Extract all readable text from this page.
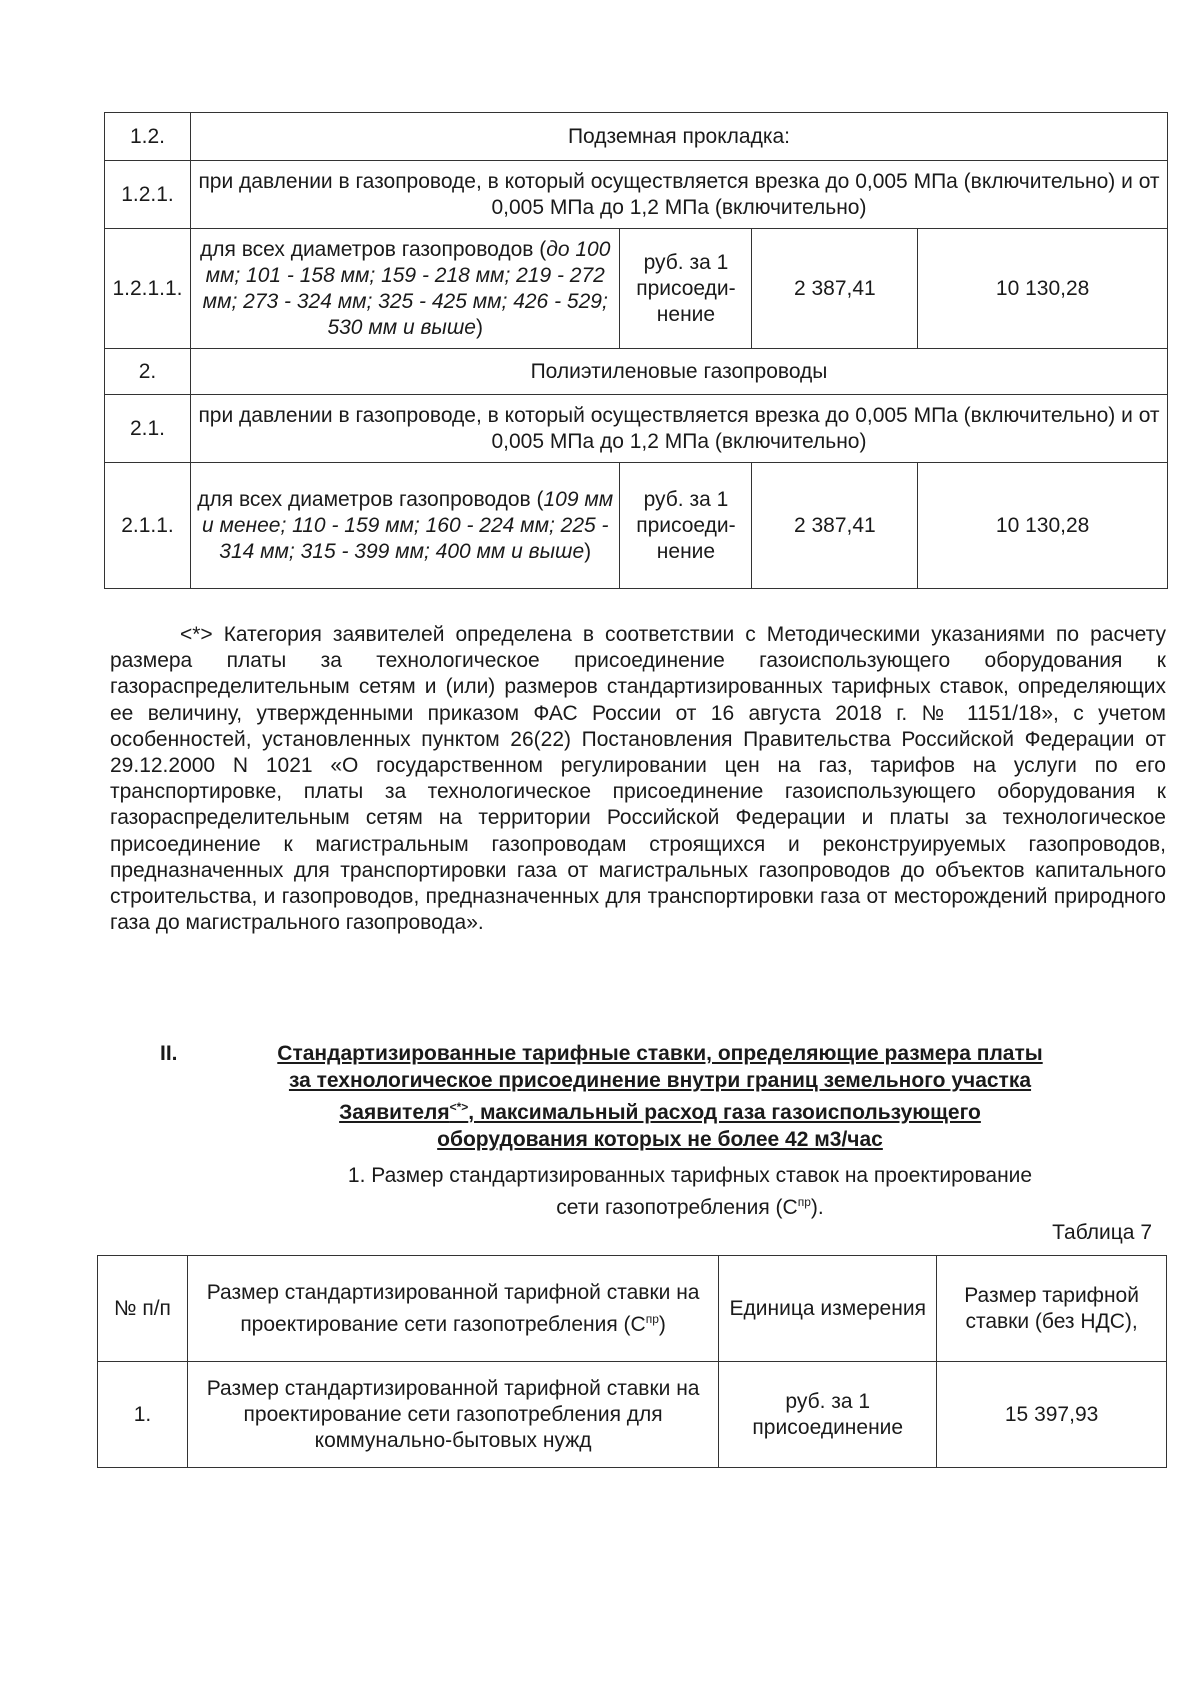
1.2.	Подземная прокладка:			
1.2.1.	при давлении в газопроводе, в который осуществляется врезка до 0,005 МПа (включительно) и от 0,005 МПа до 1,2 МПа (включительно)			
1.2.1.1.	для всех диаметров газопроводов (до 100 мм; 101 - 158 мм; 159 - 218 мм; 219 - 272 мм; 273 - 324 мм; 325 - 425 мм; 426 - 529; 530 мм и выше)	руб. за 1 присоеди-нение	2 387,41	10 130,28
2.	Полиэтиленовые газопроводы			
2.1.	при давлении в газопроводе, в который осуществляется врезка до 0,005 МПа (включительно) и от 0,005 МПа до 1,2 МПа (включительно)			
2.1.1.	для всех диаметров газопроводов (109 мм и менее; 110 - 159 мм; 160 - 224 мм; 225 - 314 мм; 315 - 399 мм; 400 мм и выше)	руб. за 1 присоеди-нение	2 387,41	10 130,28
<*> Категория заявителей определена в соответствии с Методическими указаниями по расчету размера платы за технологическое присоединение газоиспользующего оборудования к газораспределительным сетям и (или) размеров стандартизированных тарифных ставок, определяющих ее величину, утвержденными приказом ФАС России от 16 августа 2018 г. № 1151/18», с учетом особенностей, установленных пунктом 26(22) Постановления Правительства Российской Федерации от 29.12.2000 N 1021 «О государственном регулировании цен на газ, тарифов на услуги по его транспортировке, платы за технологическое присоединение газоиспользующего оборудования к газораспределительным сетям на территории Российской Федерации и платы за технологическое присоединение к магистральным газопроводам строящихся и реконструируемых газопроводов, предназначенных для транспортировки газа от магистральных газопроводов до объектов капитального строительства, и газопроводов, предназначенных для транспортировки газа от месторождений природного газа до магистрального газопровода».
II.	Стандартизированные тарифные ставки, определяющие размера платы
за технологическое присоединение внутри границ земельного участка
Заявителя<*>, максимальный расход газа газоиспользующего
оборудования которых не более 42 м3/час
1. Размер стандартизированных тарифных ставок на проектирование
сети газопотребления $(С^{пр})$.
Таблица 7
№ п/п	Размер стандартизированной тарифной ставки на проектирование сети газопотребления $(С^{пр})$	Единица измерения	Размер тарифной ставки (без НДС),
1.	Размер стандартизированной тарифной ставки на проектирование сети газопотребления для коммунально-бытовых нужд	руб. за 1 присоединение	15 397,93
